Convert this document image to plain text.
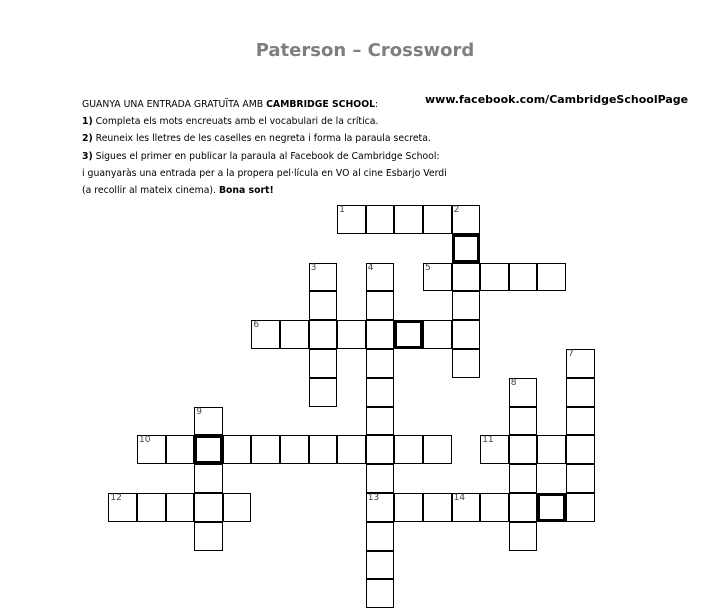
Paterson – Crossword
www.facebook.com/CambridgeSchoolPage
GUANYA UNA ENTRADA GRATUÏTA AMB CAMBRIDGE SCHOOL:
1) Completa els mots encreuats amb el vocabulari de la crítica.
2) Reuneix les lletres de les caselles en negreta i forma la paraula secreta.
3) Sigues el primer en publicar la paraula al Facebook de Cambridge School:
i guanyaràs una entrada per a la propera pel·lícula en VO al cine Esbarjo Verdi
(a recollir al mateix cinema). Bona sort!
1	2
3	4
13
5
6
7
8
9
10	11
12	14
